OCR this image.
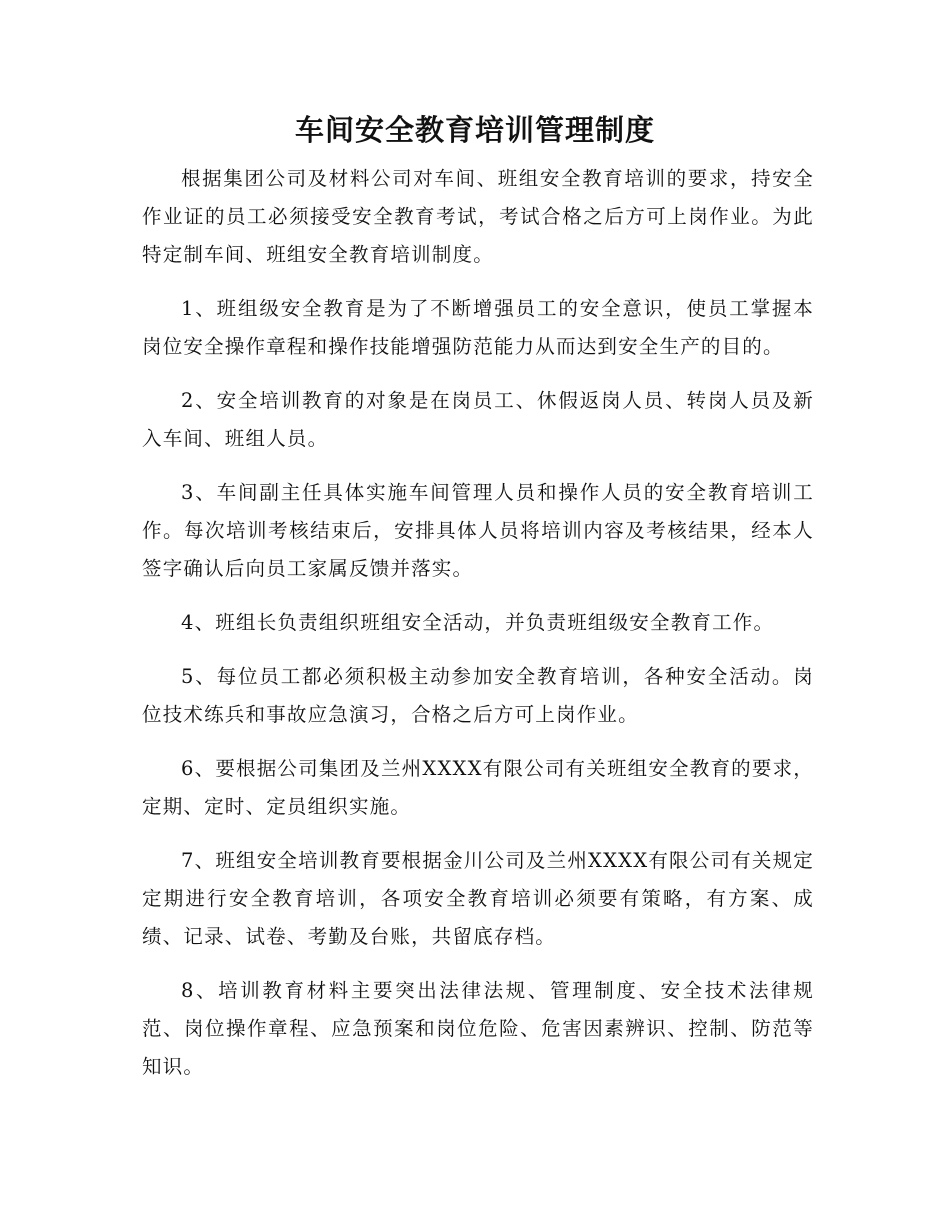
车间安全教育培训管理制度

根据集团公司及材料公司对车间、班组安全教育培训的要求，持安全作业证的员工必须接受安全教育考试，考试合格之后方可上岗作业。为此特定制车间、班组安全教育培训制度。

1、班组级安全教育是为了不断增强员工的安全意识，使员工掌握本岗位安全操作章程和操作技能增强防范能力从而达到安全生产的目的。

2、安全培训教育的对象是在岗员工、休假返岗人员、转岗人员及新入车间、班组人员。

3、车间副主任具体实施车间管理人员和操作人员的安全教育培训工作。每次培训考核结束后，安排具体人员将培训内容及考核结果，经本人签字确认后向员工家属反馈并落实。

4、班组长负责组织班组安全活动，并负责班组级安全教育工作。

5、每位员工都必须积极主动参加安全教育培训，各种安全活动。岗位技术练兵和事故应急演习，合格之后方可上岗作业。

6、要根据公司集团及兰州XXXX有限公司有关班组安全教育的要求，定期、定时、定员组织实施。

7、班组安全培训教育要根据金川公司及兰州XXXX有限公司有关规定定期进行安全教育培训，各项安全教育培训必须要有策略，有方案、成绩、记录、试卷、考勤及台账，共留底存档。

8、培训教育材料主要突出法律法规、管理制度、安全技术法律规范、岗位操作章程、应急预案和岗位危险、危害因素辨识、控制、防范等知识。
